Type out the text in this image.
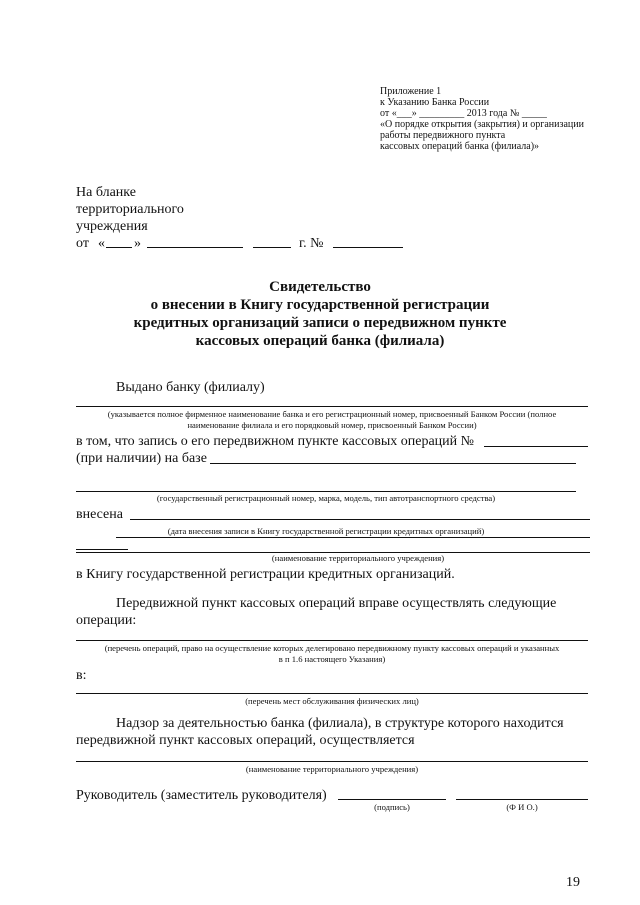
Приложение 1
к Указанию Банка России
от «___» _________ 2013 года № _____
«О порядке открытия (закрытия) и организации
работы передвижного пункта
кассовых операций банка (филиала)»
На бланке
территориального
учреждения
от « »	г. №
Свидетельство
о внесении в Книгу государственной регистрации
кредитных организаций записи о передвижном пункте
кассовых операций банка (филиала)
Выдано банку (филиалу)
(указывается полное фирменное наименование банка и его регистрационный номер, присвоенный Банком России (полное
наименование филиала и его порядковый номер, присвоенный Банком России)
в том, что запись о его передвижном пункте кассовых операций №
(при наличии) на базе
(государственный регистрационный номер, марка, модель, тип автотранспортного средства)
внесена
(дата внесения записи в Книгу государственной регистрации кредитных организаций)
(наименование территориального учреждения)
в Книгу государственной регистрации кредитных организаций.
Передвижной пункт кассовых операций вправе осуществлять следующие
операции:
(перечень операций, право на осуществление которых делегировано передвижному пункту кассовых операций и указанных
в п 1.6 настоящего Указания)
в:
(перечень мест обслуживания физических лиц)
Надзор за деятельностью банка (филиала), в структуре которого находится
передвижной пункт кассовых операций, осуществляется
(наименование территориального учреждения)
Руководитель (заместитель руководителя)
(подпись)	(Ф И О.)
19
